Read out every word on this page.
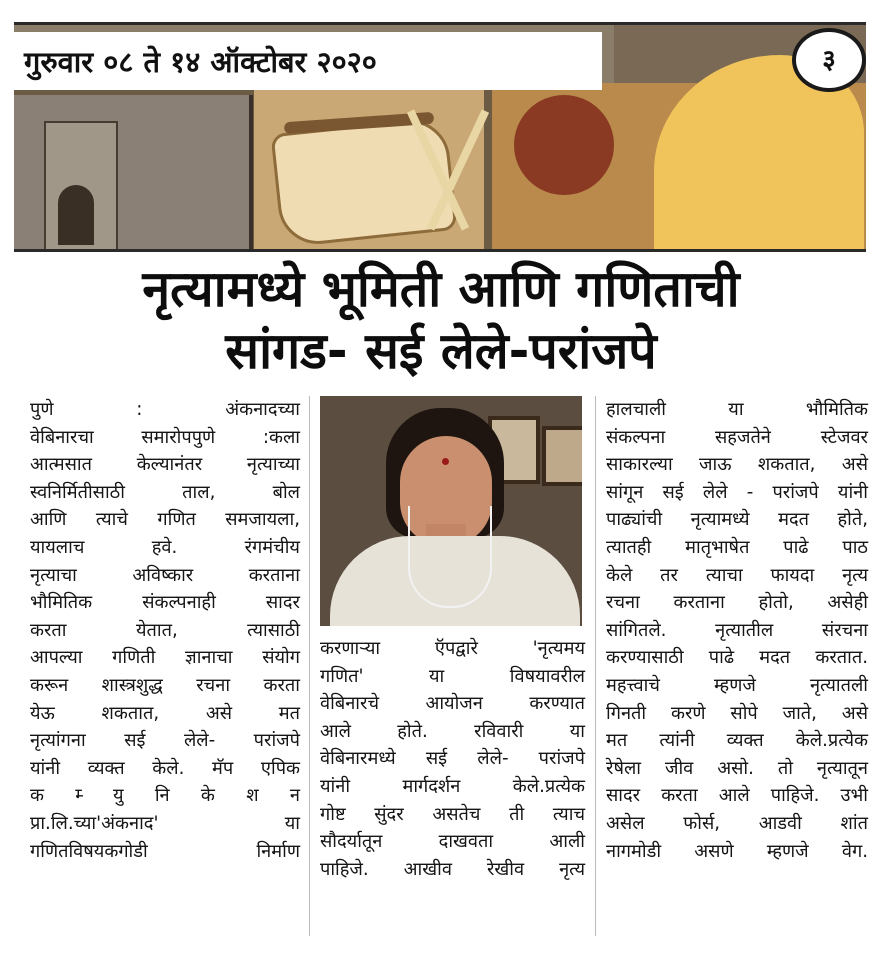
गुरुवार ०८ ते १४ ऑक्टोबर २०२०	३
नृत्यामध्ये भूमिती आणि गणिताची
सांगड- सई लेले-परांजपे
पुणे : अंकनादच्या
वेबिनारचा समारोपपुणे :कला
आत्मसात केल्यानंतर नृत्याच्या
स्वनिर्मितीसाठी ताल, बोल
आणि त्याचे गणित समजायला,
यायलाच हवे. रंगमंचीय
नृत्याचा अविष्कार करताना
भौमितिक संकल्पनाही सादर
करता येतात, त्यासाठी
आपल्या गणिती ज्ञानाचा संयोग
करून शास्त्रशुद्ध रचना करता
येऊ शकतात, असे मत
नृत्यांगना सई लेले- परांजपे
यांनी व्यक्त केले. मॅप एपिक
क म्‍ यु नि के श न
प्रा.लि.च्या'अंकनाद' या
गणितविषयकगोडी निर्माण
करणाऱ्या ऍपद्वारे 'नृत्यमय
गणित' या विषयावरील
वेबिनारचे आयोजन करण्यात
आले होते. रविवारी या
वेबिनारमध्ये सई लेले- परांजपे
यांनी मार्गदर्शन केले.प्रत्येक
गोष्ट सुंदर असतेच ती त्याच
सौदर्यातून दाखवता आली
पाहिजे. आखीव रेखीव नृत्य
हालचाली या भौमितिक
संकल्पना सहजतेने स्टेजवर
साकारल्या जाऊ शकतात, असे
सांगून सई लेले - परांजपे यांनी
पाढ्यांची नृत्यामध्ये मदत होते,
त्यातही मातृभाषेत पाढे पाठ
केले तर त्याचा फायदा नृत्य
रचना करताना होतो, असेही
सांगितले. नृत्यातील संरचना
करण्यासाठी पाढे मदत करतात.
महत्त्वाचे म्हणजे नृत्यातली
गिनती करणे सोपे जाते, असे
मत त्यांनी व्यक्त केले.प्रत्येक
रेषेला जीव असो. तो नृत्यातून
सादर करता आले पाहिजे. उभी
असेल फोर्स, आडवी शांत
नागमोडी असणे म्हणजे वेग.
